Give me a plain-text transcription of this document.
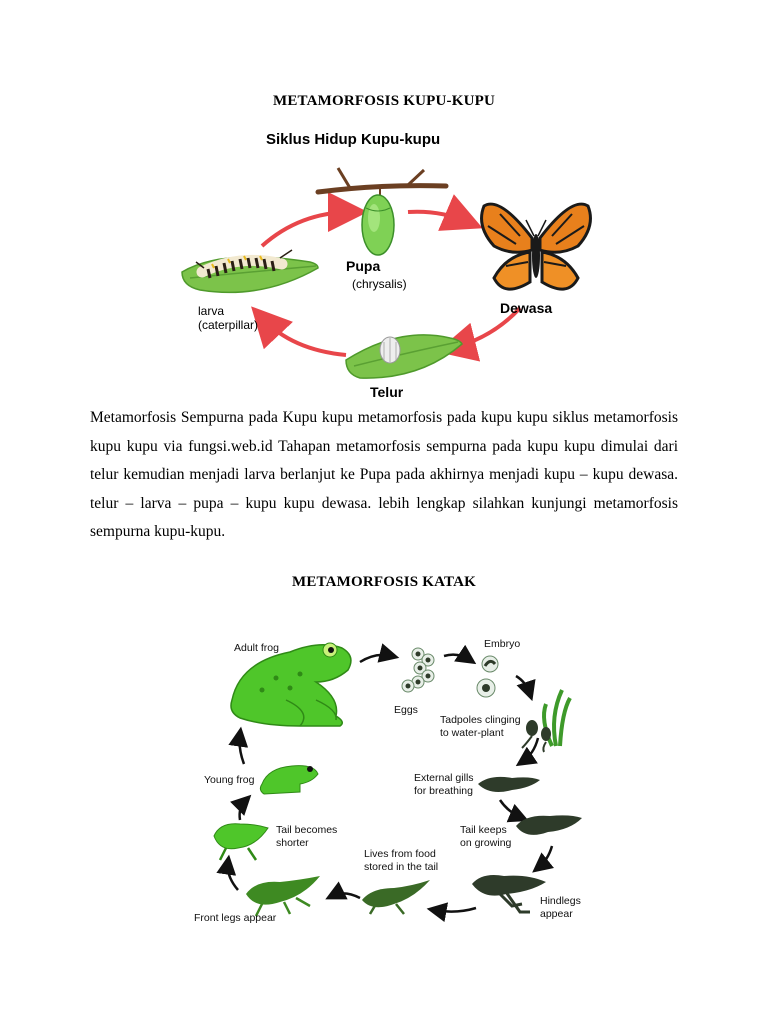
METAMORFOSIS KUPU-KUPU
Siklus Hidup Kupu-kupu
Pupa
(chrysalis)
Dewasa
Telur
larva
(caterpillar)
Metamorfosis Sempurna pada Kupu kupu metamorfosis pada kupu kupu siklus metamorfosis kupu kupu via fungsi.web.id Tahapan metamorfosis sempurna pada kupu kupu dimulai dari telur kemudian menjadi larva berlanjut ke Pupa pada akhirnya menjadi kupu – kupu dewasa. telur – larva – pupa – kupu kupu dewasa. lebih lengkap silahkan kunjungi metamorfosis sempurna kupu-kupu.
METAMORFOSIS KATAK
Adult frog
Eggs
Embryo
Tadpoles clinging
to water-plant
External gills
for breathing
Tail keeps
on growing
Hindlegs
appear
Lives from food
stored in the tail
Front legs appear
Tail becomes
shorter
Young frog
